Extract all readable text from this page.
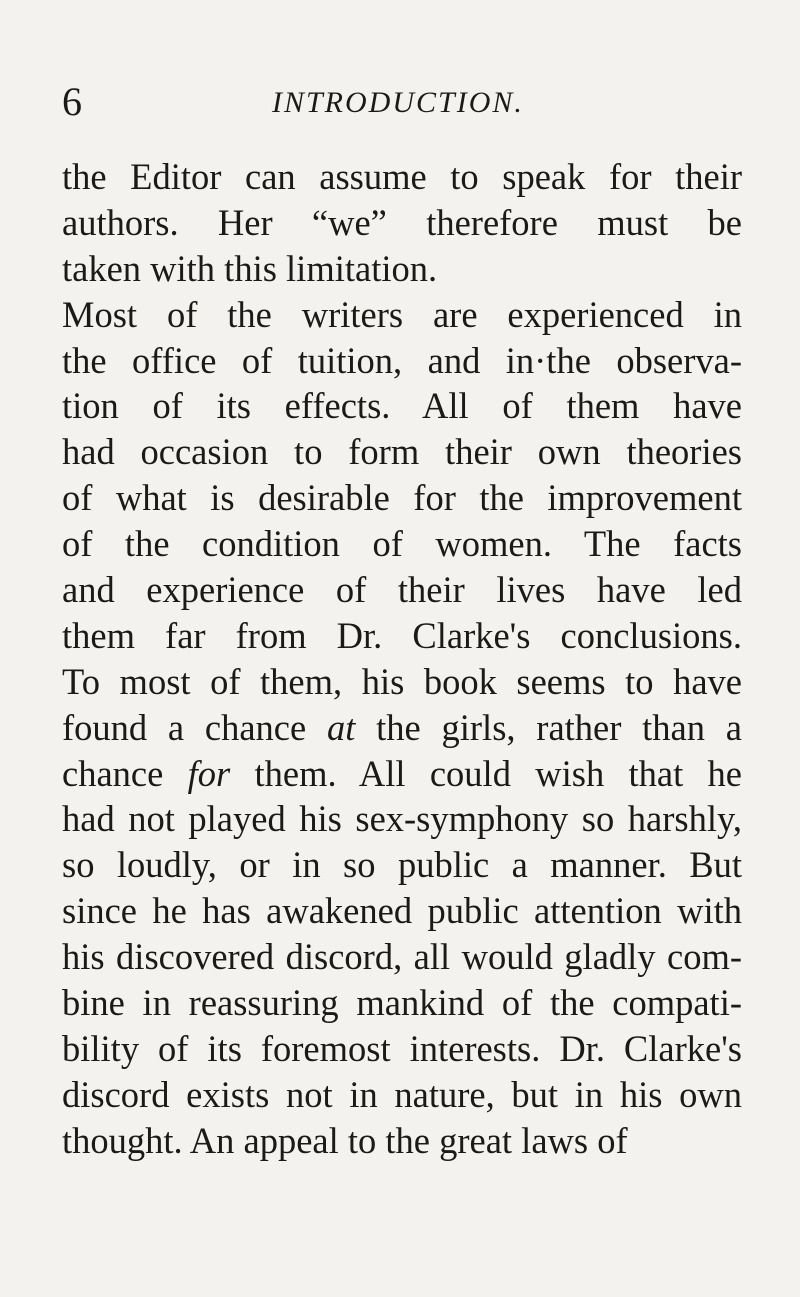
6	INTRODUCTION.
the Editor can assume to speak for their
authors. Her “we” therefore must be
taken with this limitation.
Most of the writers are experienced in
the office of tuition, and in·the observa-
tion of its effects. All of them have
had occasion to form their own theories
of what is desirable for the improvement
of the condition of women. The facts
and experience of their lives have led
them far from Dr. Clarke's conclusions.
To most of them, his book seems to have
found a chance at the girls, rather than a
chance for them. All could wish that he
had not played his sex-symphony so harshly,
so loudly, or in so public a manner. But
since he has awakened public attention with
his discovered discord, all would gladly com-
bine in reassuring mankind of the compati-
bility of its foremost interests. Dr. Clarke's
discord exists not in nature, but in his own
thought. An appeal to the great laws of
